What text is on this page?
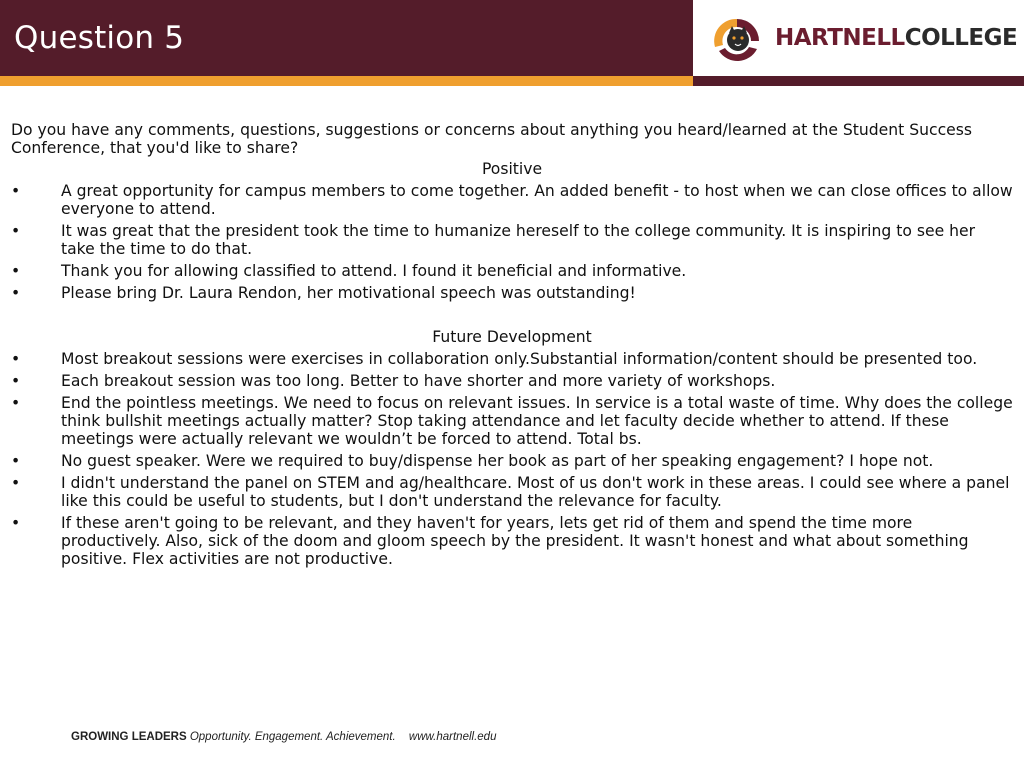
Question 5	HARTNELLCOLLEGE

Do you have any comments, questions, suggestions or concerns about anything you heard/learned at the Student Success Conference, that you'd like to share?

Positive

•	A great opportunity for campus members to come together. An added benefit - to host when we can close offices to allow everyone to attend.
•	It was great that the president took the time to humanize hereself to the college community. It is inspiring to see her take the time to do that.
•	Thank you for allowing classified to attend. I found it beneficial and informative.
•	Please bring Dr. Laura Rendon, her motivational speech was outstanding!

Future Development

•	Most breakout sessions were exercises in collaboration only.Substantial information/content should be presented too.
•	Each breakout session was too long. Better to have shorter and more variety of workshops.
•	End the pointless meetings. We need to focus on relevant issues. In service is a total waste of time. Why does the college think bullshit meetings actually matter? Stop taking attendance and let faculty decide whether to attend. If these meetings were actually relevant we wouldn’t be forced to attend. Total bs.
•	No guest speaker. Were we required to buy/dispense her book as part of her speaking engagement? I hope not.
•	I didn't understand the panel on STEM and ag/healthcare. Most of us don't work in these areas. I could see where a panel like this could be useful to students, but I don't understand the relevance for faculty.
•	If these aren't going to be relevant, and they haven't for years, lets get rid of them and spend the time more productively. Also, sick of the doom and gloom speech by the president. It wasn't honest and what about something positive. Flex activities are not productive.
GROWING LEADERS Opportunity. Engagement. Achievement. www.hartnell.edu
